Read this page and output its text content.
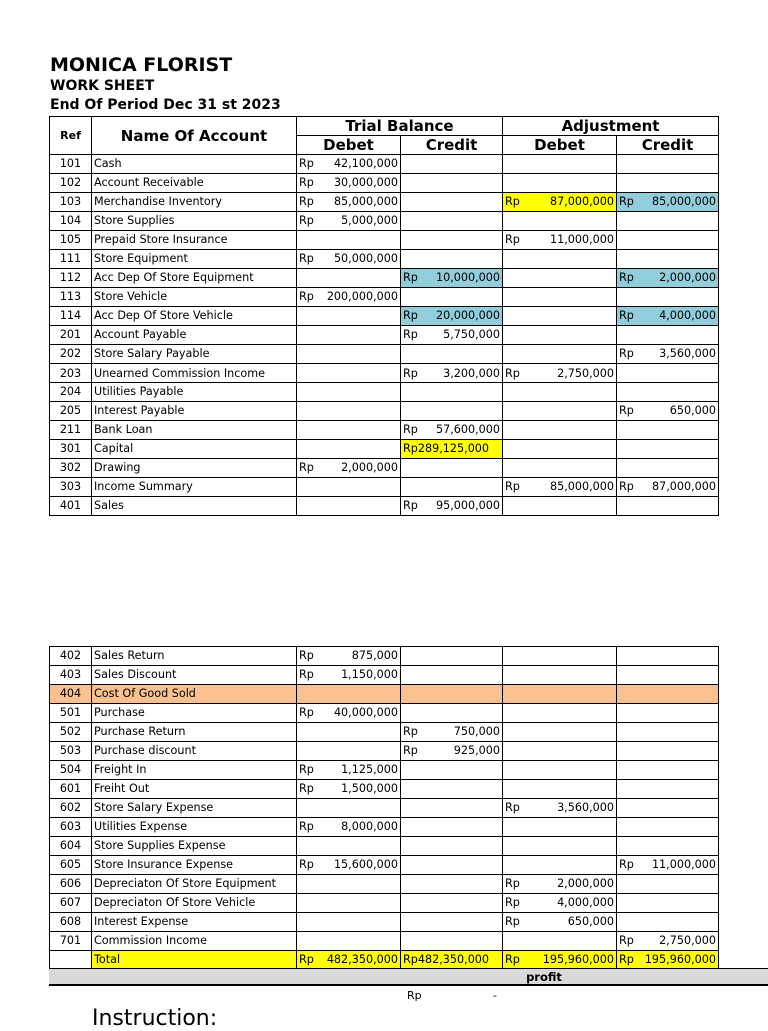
MONICA FLORIST
WORK SHEET
End Of Period Dec 31 st 2023
Ref	Name Of Account	Trial Balance		Adjustment	
		Debet	Credit	Debet	Credit
101	Cash	Rp 42,100,000			

102	Account Receivable	Rp 30,000,000			

103	Merchandise Inventory	Rp 85,000,000		Rp 87,000,000	Rp 85,000,000

104	Store Supplies	Rp 5,000,000			

105	Prepaid Store Insurance			Rp 11,000,000	

111	Store Equipment	Rp 50,000,000			

112	Acc Dep Of Store Equipment		Rp 10,000,000		Rp 2,000,000

113	Store Vehicle	Rp 200,000,000			

114	Acc Dep Of Store Vehicle		Rp 20,000,000		Rp 4,000,000

201	Account Payable		Rp 5,750,000		

202	Store Salary Payable				Rp 3,560,000

203	Unearned Commission Income		Rp 3,200,000	Rp 2,750,000	

204	Utilities Payable				
205	Interest Payable				Rp 650,000

211	Bank Loan		Rp 57,600,000		

301	Capital		Rp289,125,000		

302	Drawing	Rp 2,000,000			

303	Income Summary			Rp 85,000,000	Rp 87,000,000

401	Sales		Rp 95,000,000		

402	Sales Return	Rp 875,000			

403	Sales Discount	Rp 1,150,000			

404	Cost Of Good Sold				
501	Purchase	Rp 40,000,000			

502	Purchase Return		Rp 750,000		

503	Purchase discount		Rp 925,000		

504	Freight In	Rp 1,125,000			

601	Freiht Out	Rp 1,500,000			

602	Store Salary Expense			Rp 3,560,000	

603	Utilities Expense	Rp 8,000,000			

604	Store Supplies Expense				
605	Store Insurance Expense	Rp 15,600,000			Rp 11,000,000

606	Depreciaton Of Store Equipment			Rp 2,000,000	

607	Depreciaton Of Store Vehicle			Rp 4,000,000	

608	Interest Expense			Rp 650,000	

701	Commission Income				Rp 2,750,000

	Total	Rp 482,350,000	Rp482,350,000	Rp 195,960,000	Rp 195,960,000
profit
Rp	-
Instruction:
